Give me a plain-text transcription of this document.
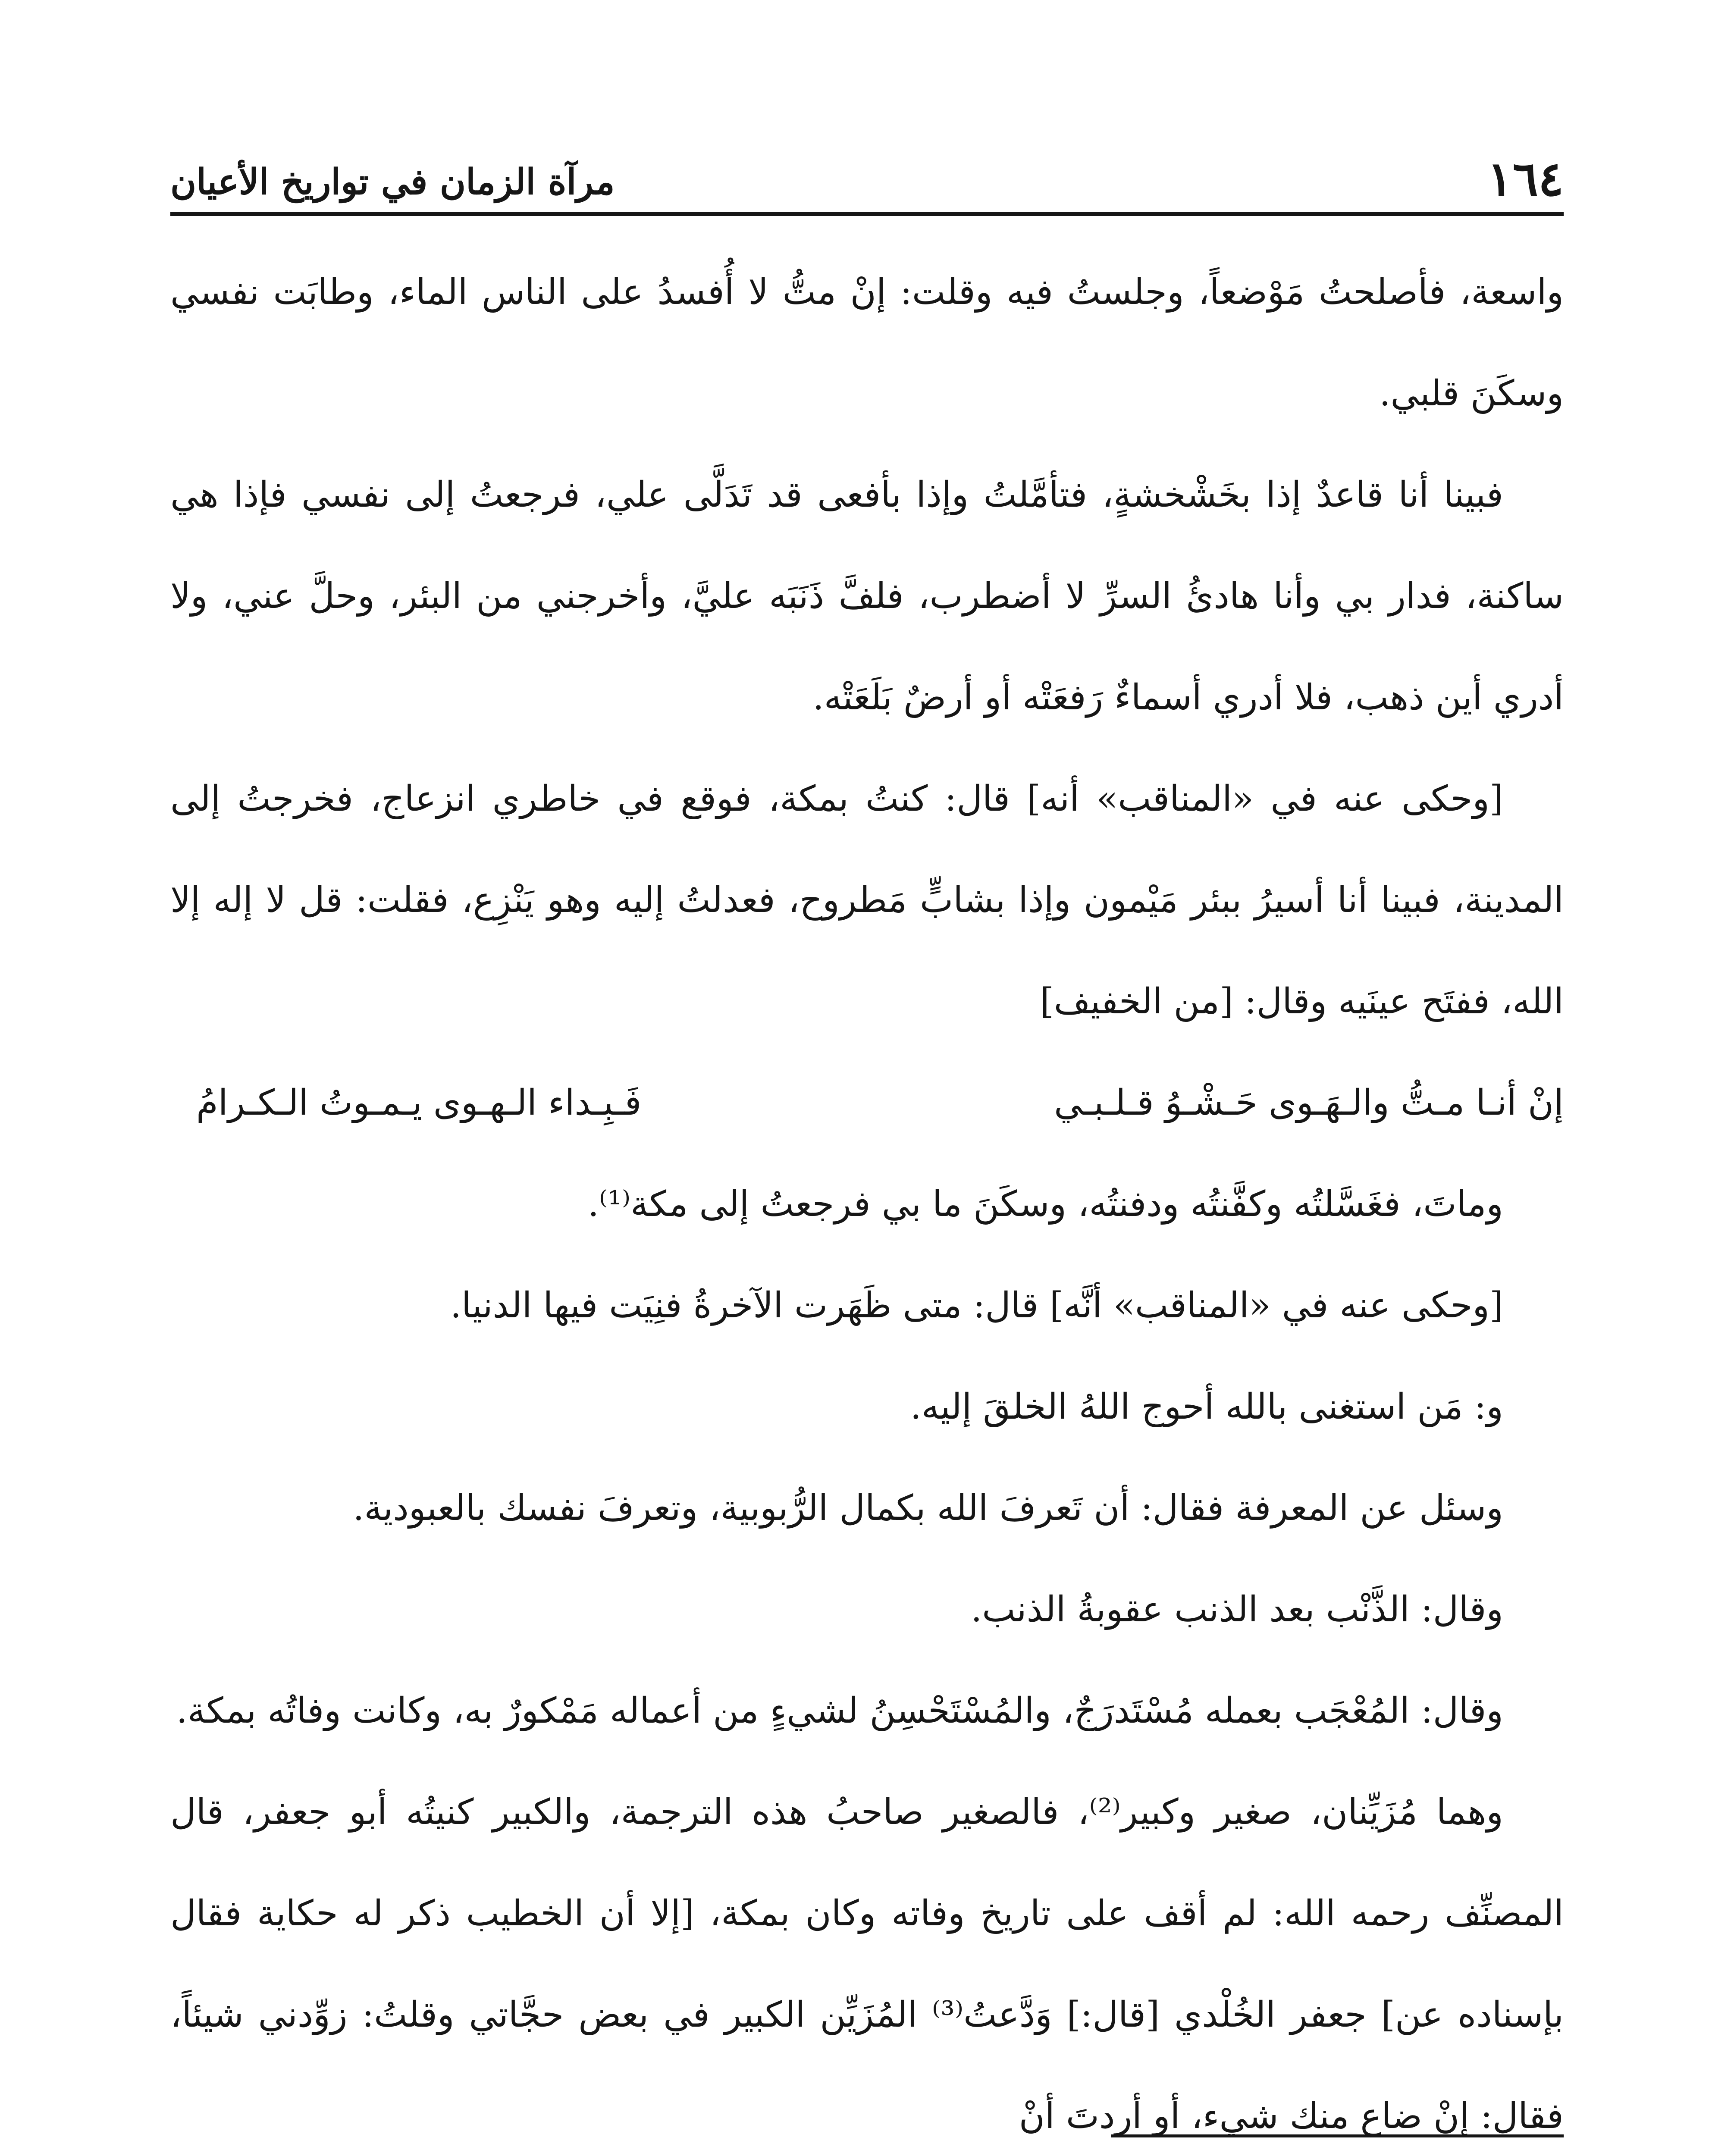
١٦٤
مرآة الزمان في تواريخ الأعيان

واسعة، فأصلحتُ مَوْضعاً، وجلستُ فيه وقلت: إنْ متُّ لا أُفسدُ على الناس الماء، وطابَت نفسي وسكَنَ قلبي.

فبينا أنا قاعدٌ إذا بخَشْخشةٍ، فتأمَّلتُ وإذا بأفعى قد تَدَلَّى علي، فرجعتُ إلى نفسي فإذا هي ساكنة، فدار بي وأنا هادئُ السرِّ لا أضطرب، فلفَّ ذَنَبَه عليَّ، وأخرجني من البئر، وحلَّ عني، ولا أدري أين ذهب، فلا أدري أسماءٌ رَفعَتْه أو أرضٌ بَلَعَتْه.

[وحكى عنه في «المناقب» أنه] قال: كنتُ بمكة، فوقع في خاطري انزعاج، فخرجتُ إلى المدينة، فبينا أنا أسيرُ ببئر مَيْمون وإذا بشابٍّ مَطروح، فعدلتُ إليه وهو يَنْزِع، فقلت: قل لا إله إلا الله، ففتَح عينَيه وقال: [من الخفيف]

إنْ أنـا مـتُّ والـهَـوى حَـشْـوُ قـلـبـي
فَـبِـداء الـهـوى يـمـوتُ الـكـرامُ

وماتَ، فغَسَّلتُه وكفَّنتُه ودفنتُه، وسكَنَ ما بي فرجعتُ إلى مكة⁽¹⁾.

[وحكى عنه في «المناقب» أنَّه] قال: متى ظَهَرت الآخرةُ فنِيَت فيها الدنيا.

و: مَن استغنى بالله أحوج اللهُ الخلقَ إليه.

وسئل عن المعرفة فقال: أن تَعرفَ الله بكمال الرُّبوبية، وتعرفَ نفسك بالعبودية.

وقال: الذَّنْب بعد الذنب عقوبةُ الذنب.

وقال: المُعْجَب بعمله مُسْتَدرَجٌ، والمُسْتَحْسِنُ لشيءٍ من أعماله مَمْكورٌ به، وكانت وفاتُه بمكة.

وهما مُزَيِّنان، صغير وكبير⁽²⁾، فالصغير صاحبُ هذه الترجمة، والكبير كنيتُه أبو جعفر، قال المصنِّف رحمه الله: لم أقف على تاريخ وفاته وكان بمكة، [إلا أن الخطيب ذكر له حكاية فقال بإسناده عن] جعفر الخُلْدي [قال:] وَدَّعتُ⁽³⁾ المُزَيِّن الكبير في بعض حجَّاتي وقلتُ: زوِّدني شيئاً، فقال: إنْ ضاع منك شيء، أو أردتَ أنْ
